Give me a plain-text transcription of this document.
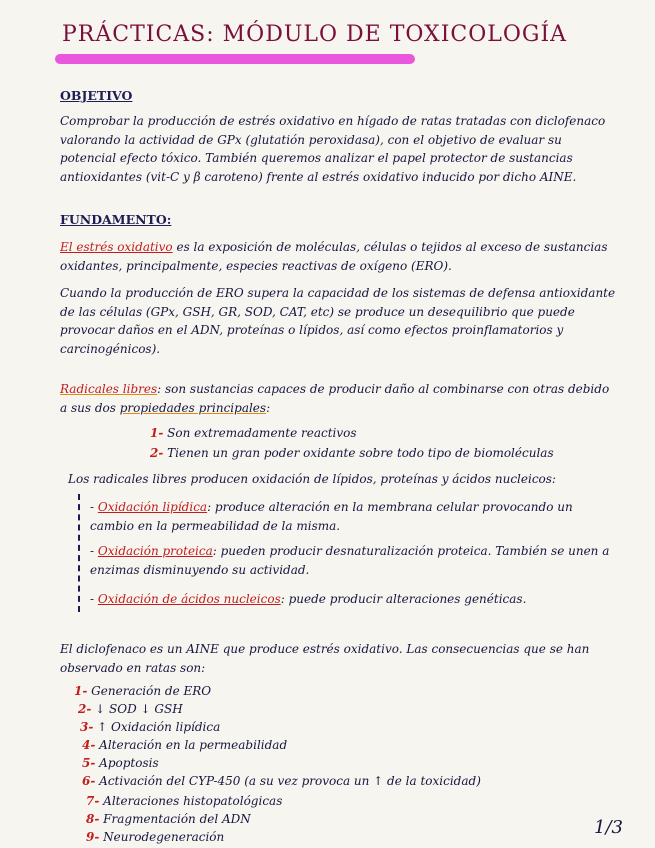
PRÁCTICAS: MÓDULO DE TOXICOLOGÍA
OBJETIVO
Comprobar la producción de estrés oxidativo en hígado de ratas tratadas con diclofenaco valorando la actividad de GPx (glutatión peroxidasa), con el objetivo de evaluar su potencial efecto tóxico. También queremos analizar el papel protector de sustancias antioxidantes (vit-C y β caroteno) frente al estrés oxidativo inducido por dicho AINE.
FUNDAMENTO:
El estrés oxidativo es la exposición de moléculas, células o tejidos al exceso de sustancias oxidantes, principalmente, especies reactivas de oxígeno (ERO).
Cuando la producción de ERO supera la capacidad de los sistemas de defensa antioxidante de las células (GPx, GSH, GR, SOD, CAT, etc) se produce un desequilibrio que puede provocar daños en el ADN, proteínas o lípidos, así como efectos proinflamatorios y carcinogénicos).
Radicales libres: son sustancias capaces de producir daño al combinarse con otras debido a sus dos propiedades principales:
1- Son extremadamente reactivos
2- Tienen un gran poder oxidante sobre todo tipo de biomoléculas
Los radicales libres producen oxidación de lípidos, proteínas y ácidos nucleicos:
- Oxidación lipídica: produce alteración en la membrana celular provocando un cambio en la permeabilidad de la misma.
- Oxidación proteica: pueden producir desnaturalización proteica. También se unen a enzimas disminuyendo su actividad.
- Oxidación de ácidos nucleicos: puede producir alteraciones genéticas.
El diclofenaco es un AINE que produce estrés oxidativo. Las consecuencias que se han observado en ratas son:
1- Generación de ERO
2- ↓ SOD ↓ GSH
3- ↑ Oxidación lipídica
4- Alteración en la permeabilidad
5- Apoptosis
6- Activación del CYP-450 (a su vez provoca un ↑ de la toxicidad)
7- Alteraciones histopatológicas
8- Fragmentación del ADN
9- Neurodegeneración	1/3
